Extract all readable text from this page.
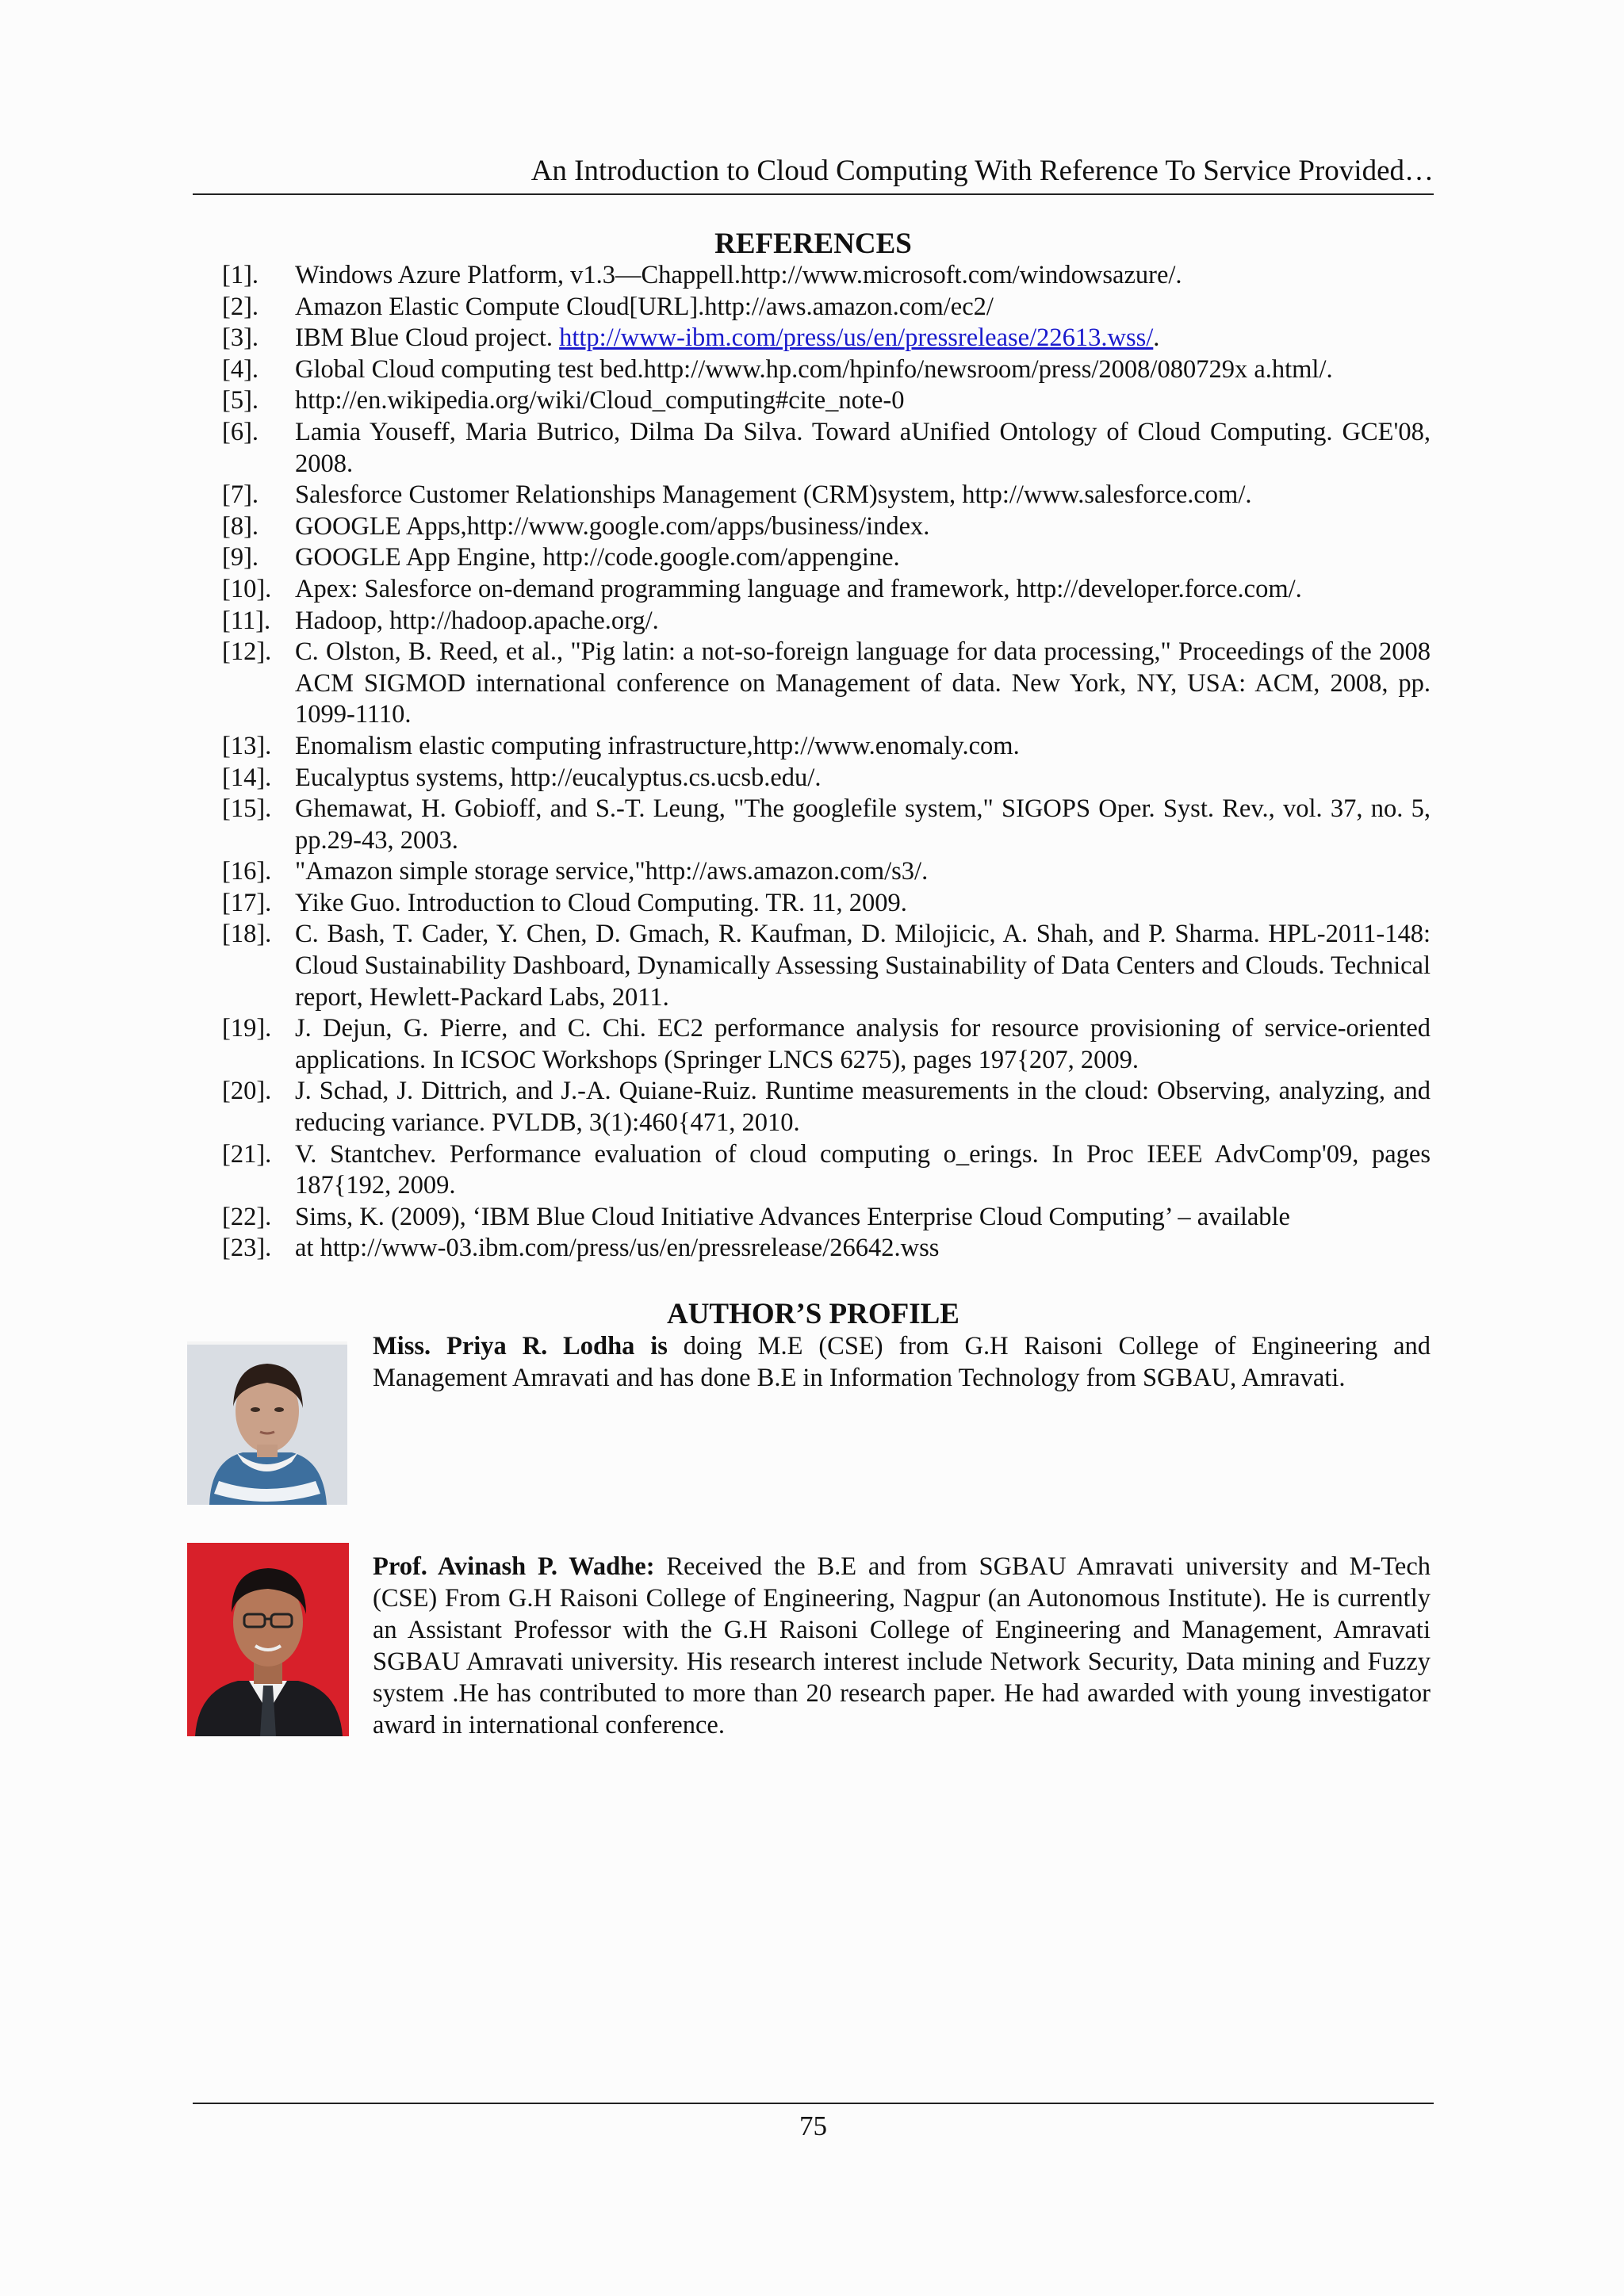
An Introduction to Cloud Computing With Reference To Service Provided…
REFERENCES
[1].	Windows Azure Platform, v1.3—Chappell.http://www.microsoft.com/windowsazure/.
[2].	Amazon Elastic Compute Cloud[URL].http://aws.amazon.com/ec2/
[3].	IBM Blue Cloud project. http://www-ibm.com/press/us/en/pressrelease/22613.wss/.
[4].	Global Cloud computing test bed.http://www.hp.com/hpinfo/newsroom/press/2008/080729x a.html/.
[5].	http://en.wikipedia.org/wiki/Cloud_computing#cite_note-0
[6].	Lamia Youseff, Maria Butrico, Dilma Da Silva. Toward aUnified Ontology of Cloud Computing. GCE'08, 2008.
[7].	Salesforce Customer Relationships Management (CRM)system, http://www.salesforce.com/.
[8].	GOOGLE Apps,http://www.google.com/apps/business/index.
[9].	GOOGLE App Engine, http://code.google.com/appengine.
[10]. Apex: Salesforce on-demand programming language and framework, http://developer.force.com/.
[11]. Hadoop, http://hadoop.apache.org/.
[12]. C. Olston, B. Reed, et al., "Pig latin: a not-so-foreign language for data processing," Proceedings of the 2008 ACM SIGMOD international conference on Management of data. New York, NY, USA: ACM, 2008, pp. 1099-1110.
[13]. Enomalism elastic computing infrastructure,http://www.enomaly.com.
[14]. Eucalyptus systems, http://eucalyptus.cs.ucsb.edu/.
[15]. Ghemawat, H. Gobioff, and S.-T. Leung, "The googlefile system," SIGOPS Oper. Syst. Rev., vol. 37, no. 5, pp.29-43, 2003.
[16]. "Amazon simple storage service,"http://aws.amazon.com/s3/.
[17]. Yike Guo. Introduction to Cloud Computing. TR. 11, 2009.
[18]. C. Bash, T. Cader, Y. Chen, D. Gmach, R. Kaufman, D. Milojicic, A. Shah, and P. Sharma. HPL-2011-148: Cloud Sustainability Dashboard, Dynamically Assessing Sustainability of Data Centers and Clouds. Technical report, Hewlett-Packard Labs, 2011.
[19]. J. Dejun, G. Pierre, and C. Chi. EC2 performance analysis for resource provisioning of service-oriented applications. In ICSOC Workshops (Springer LNCS 6275), pages 197{207, 2009.
[20]. J. Schad, J. Dittrich, and J.-A. Quiane-Ruiz. Runtime measurements in the cloud: Observing, analyzing, and reducing variance. PVLDB, 3(1):460{471, 2010.
[21]. V. Stantchev. Performance evaluation of cloud computing o_erings. In Proc IEEE AdvComp'09, pages 187{192, 2009.
[22]. Sims, K. (2009), ‘IBM Blue Cloud Initiative Advances Enterprise Cloud Computing’ – available
[23]. at http://www-03.ibm.com/press/us/en/pressrelease/26642.wss
AUTHOR’S PROFILE
Miss. Priya R. Lodha is doing M.E (CSE) from G.H Raisoni College of Engineering and Management Amravati and has done B.E in Information Technology from SGBAU, Amravati.
Prof. Avinash P. Wadhe: Received the B.E and from SGBAU Amravati university and M-Tech (CSE) From G.H Raisoni College of Engineering, Nagpur (an Autonomous Institute). He is currently an Assistant Professor with the G.H Raisoni College of Engineering and Management, Amravati SGBAU Amravati university. His research interest include Network Security, Data mining and Fuzzy system .He has contributed to more than 20 research paper. He had awarded with young investigator award in international conference.
75
